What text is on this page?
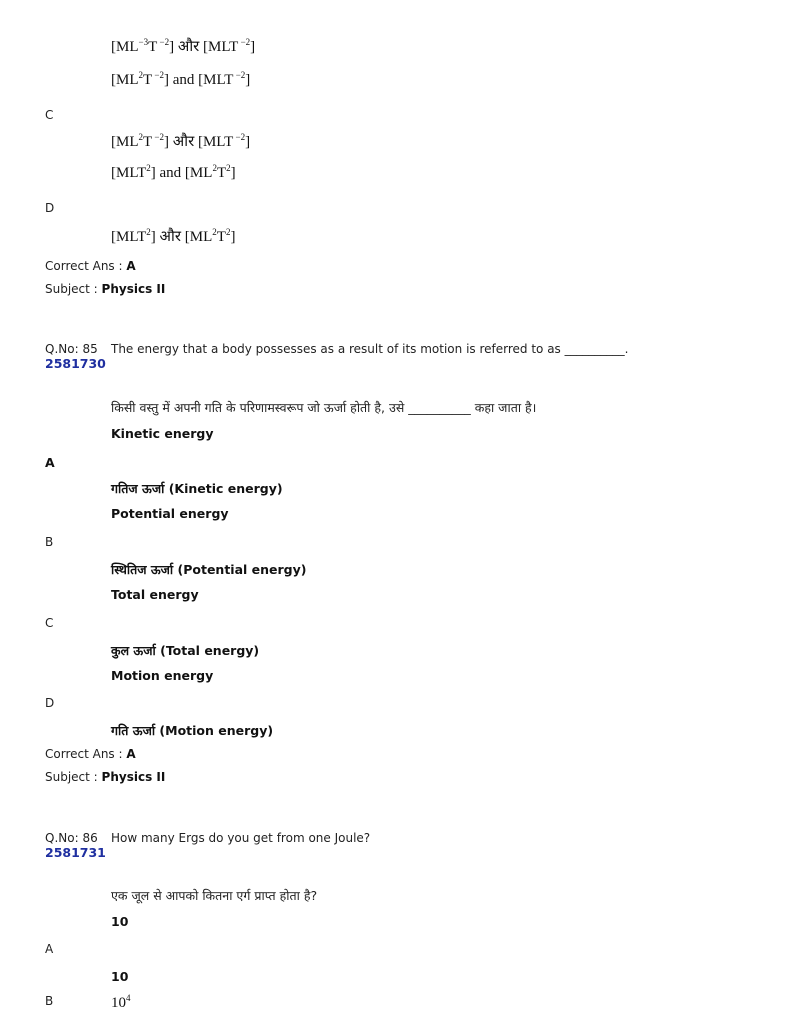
[$ML^{-3}T$ $^{-2}$] और [MLT $^{-2}$]
[$ML^2T$ $^{-2}$] and [MLT $^{-2}$]
C
[$ML^2T$ $^{-2}$] और [MLT $^{-2}$]
[MLT$^2$] and $[ML^2T^2]$
D
[MLT$^2$] और $[ML^2T^2]$
Correct Ans : A
Subject : Physics II
Q.No: 85
2581730
The energy that a body possesses as a result of its motion is referred to as __________.
किसी वस्तु में अपनी गति के परिणामस्वरूप जो ऊर्जा होती है, उसे __________ कहा जाता है।
Kinetic energy
A
गतिज ऊर्जा (Kinetic energy)
Potential energy
B
स्थितिज ऊर्जा (Potential energy)
Total energy
C
कुल ऊर्जा (Total energy)
Motion energy
D
गति ऊर्जा (Motion energy)
Correct Ans : A
Subject : Physics II
Q.No: 86
2581731
How many Ergs do you get from one Joule?
एक जूल से आपको कितना एर्ग प्राप्त होता है?
10
A
10
B	$10^4$
